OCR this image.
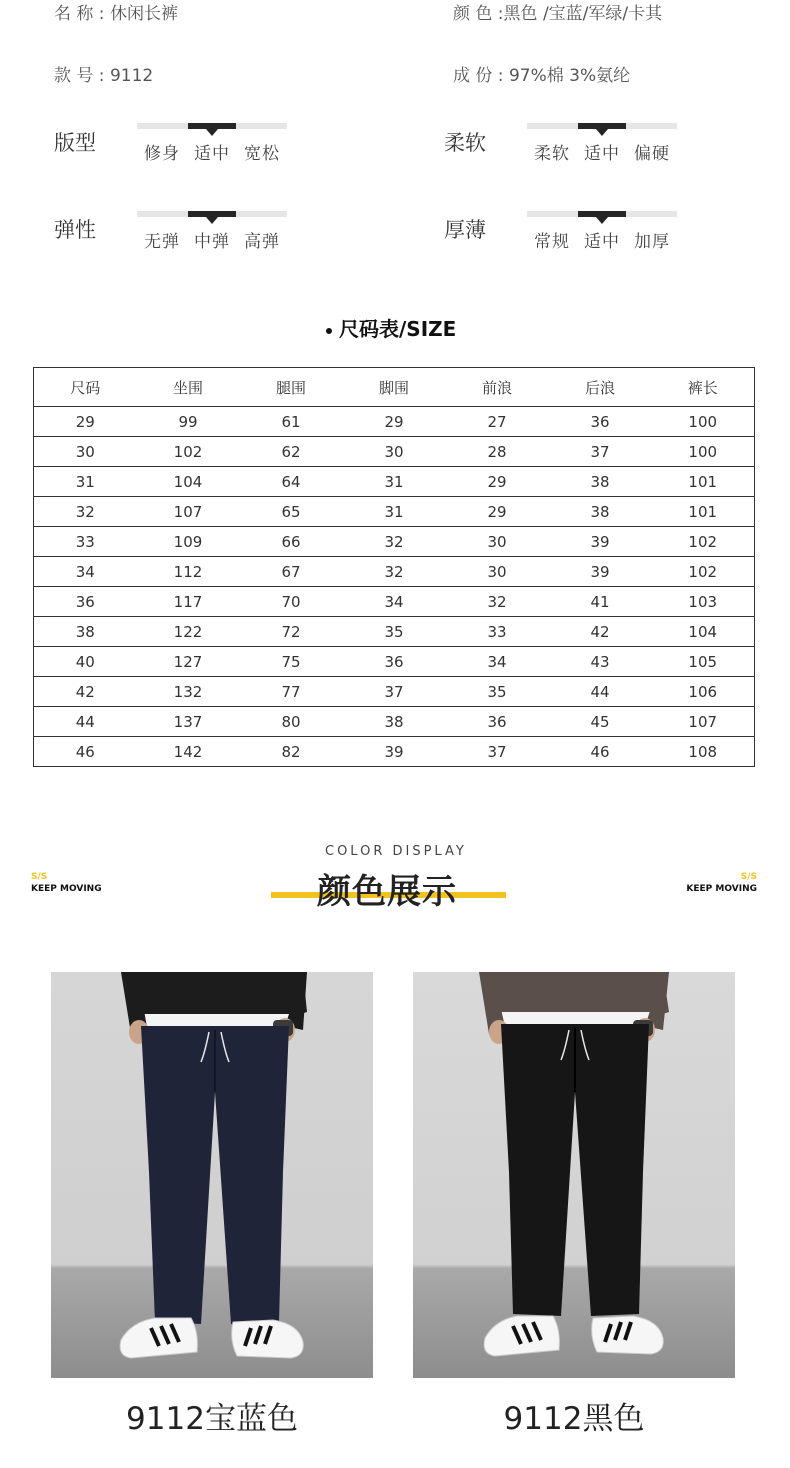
名 称 : 休闲长裤	颜 色 :黑色 /宝蓝/军绿/卡其
款 号 : 9112	成 份 : 97%棉 3%氨纶
版型	修身 适中 宽松	柔软	柔软 适中 偏硬
弹性	无弹 中弹 高弹	厚薄	常规 适中 加厚
尺码表/SIZE
尺码	坐围	腿围	脚围	前浪	后浪	裤长
29	99	61	29	27	36	100
30	102	62	30	28	37	100
31	104	64	31	29	38	101
32	107	65	31	29	38	101
33	109	66	32	30	39	102
34	112	67	32	30	39	102
36	117	70	34	32	41	103
38	122	72	35	33	42	104
40	127	75	36	34	43	105
42	132	77	37	35	44	106
44	137	80	38	36	45	107
46	142	82	39	37	46	108
COLOR DISPLAY
颜色展示
S/S
KEEP MOVING
S/S
KEEP MOVING
9112宝蓝色	9112黑色
